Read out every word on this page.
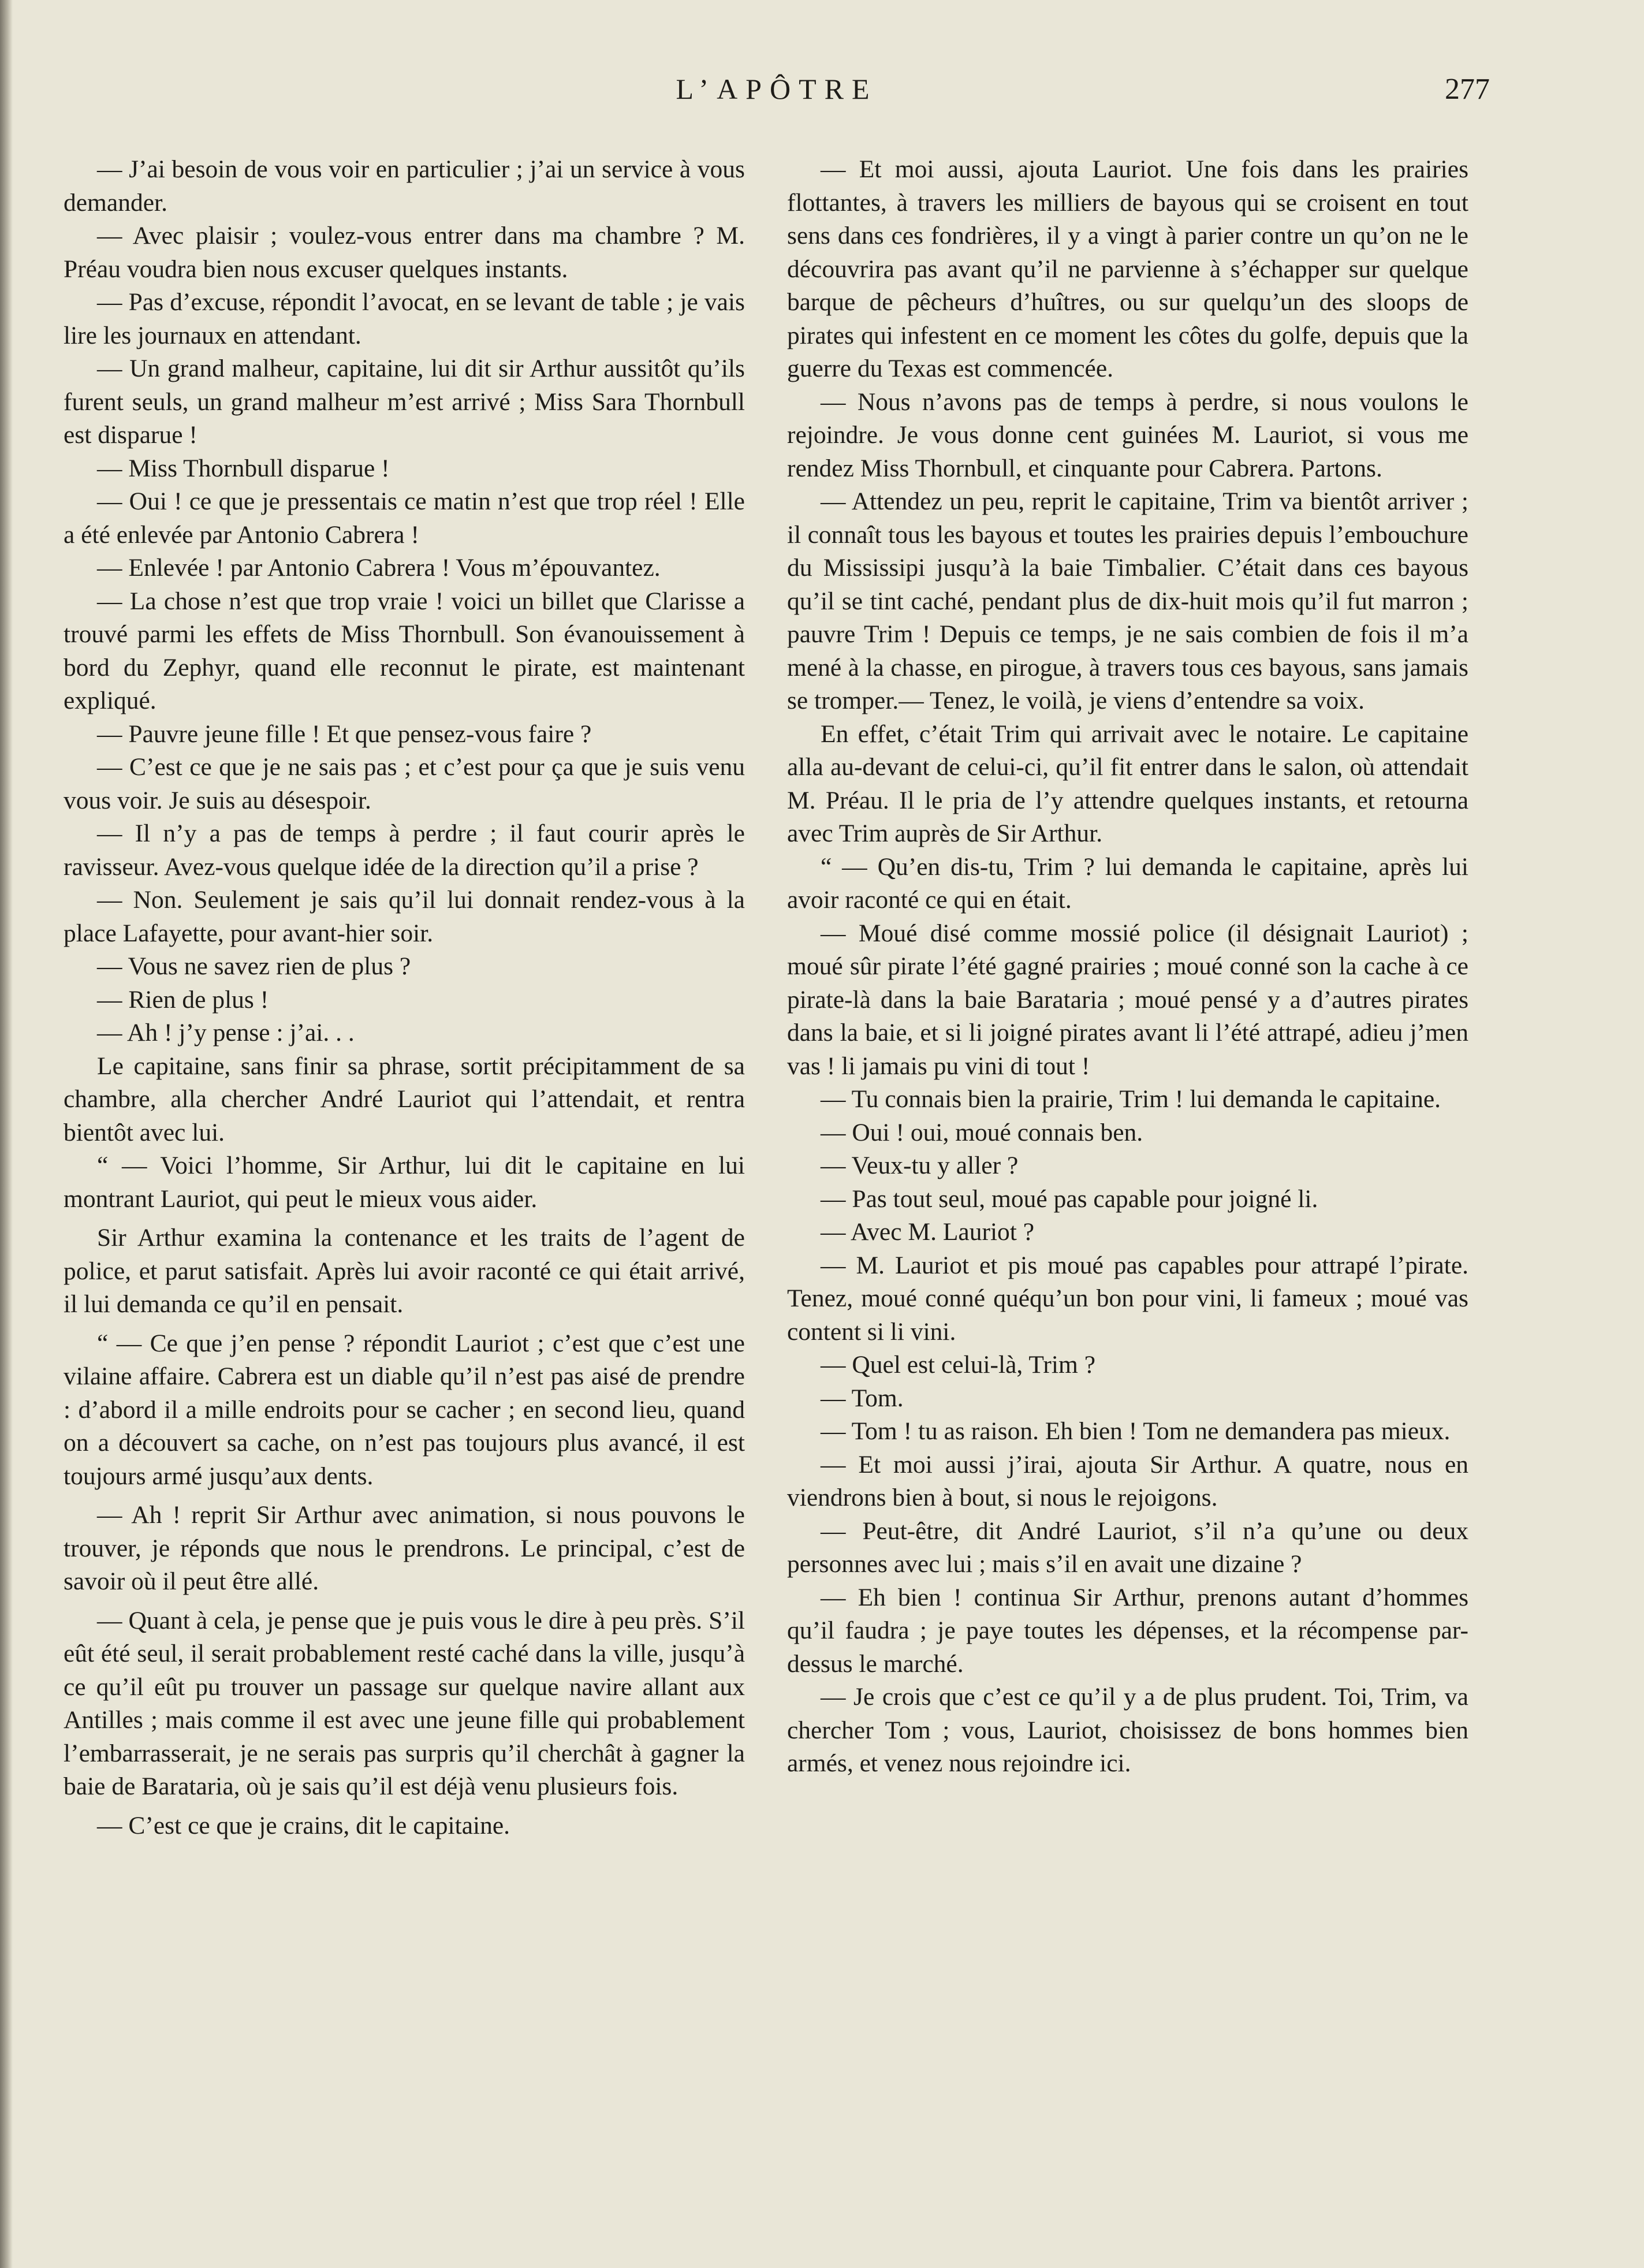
L’APÔTRE	277

— J’ai besoin de vous voir en particulier ; j’ai un service à vous demander.

— Avec plaisir ; voulez-vous entrer dans ma chambre ? M. Préau voudra bien nous excuser quelques instants.

— Pas d’excuse, répondit l’avocat, en se levant de table ; je vais lire les journaux en attendant.

— Un grand malheur, capitaine, lui dit sir Arthur aussitôt qu’ils furent seuls, un grand malheur m’est arrivé ; Miss Sara Thornbull est disparue !

— Miss Thornbull disparue !

— Oui ! ce que je pressentais ce matin n’est que trop réel ! Elle a été enlevée par Antonio Cabrera !

— Enlevée ! par Antonio Cabrera ! Vous m’épouvantez.

— La chose n’est que trop vraie ! voici un billet que Clarisse a trouvé parmi les effets de Miss Thornbull. Son évanouissement à bord du Zephyr, quand elle reconnut le pirate, est maintenant expliqué.

— Pauvre jeune fille ! Et que pensez-vous faire ?

— C’est ce que je ne sais pas ; et c’est pour ça que je suis venu vous voir. Je suis au désespoir.

— Il n’y a pas de temps à perdre ; il faut courir après le ravisseur. Avez-vous quelque idée de la direction qu’il a prise ?

— Non. Seulement je sais qu’il lui donnait rendez-vous à la place Lafayette, pour avant-hier soir.

— Vous ne savez rien de plus ?

— Rien de plus !

— Ah ! j’y pense : j’ai. . .

Le capitaine, sans finir sa phrase, sortit précipitamment de sa chambre, alla chercher André Lauriot qui l’attendait, et rentra bientôt avec lui.

“ — Voici l’homme, Sir Arthur, lui dit le capitaine en lui montrant Lauriot, qui peut le mieux vous aider.

Sir Arthur examina la contenance et les traits de l’agent de police, et parut satisfait. Après lui avoir raconté ce qui était arrivé, il lui demanda ce qu’il en pensait.

“ — Ce que j’en pense ? répondit Lauriot ; c’est que c’est une vilaine affaire. Cabrera est un diable qu’il n’est pas aisé de prendre : d’abord il a mille endroits pour se cacher ; en second lieu, quand on a découvert sa cache, on n’est pas toujours plus avancé, il est toujours armé jusqu’aux dents.

— Ah ! reprit Sir Arthur avec animation, si nous pouvons le trouver, je réponds que nous le prendrons. Le principal, c’est de savoir où il peut être allé.

— Quant à cela, je pense que je puis vous le dire à peu près. S’il eût été seul, il serait probablement resté caché dans la ville, jusqu’à ce qu’il eût pu trouver un passage sur quelque navire allant aux Antilles ; mais comme il est avec une jeune fille qui probablement l’embarrasserait, je ne serais pas surpris qu’il cherchât à gagner la baie de Barataria, où je sais qu’il est déjà venu plusieurs fois.

— C’est ce que je crains, dit le capitaine.

— Et moi aussi, ajouta Lauriot. Une fois dans les prairies flottantes, à travers les milliers de bayous qui se croisent en tout sens dans ces fondrières, il y a vingt à parier contre un qu’on ne le découvrira pas avant qu’il ne parvienne à s’échapper sur quelque barque de pêcheurs d’huîtres, ou sur quelqu’un des sloops de pirates qui infestent en ce moment les côtes du golfe, depuis que la guerre du Texas est commencée.

— Nous n’avons pas de temps à perdre, si nous voulons le rejoindre. Je vous donne cent guinées M. Lauriot, si vous me rendez Miss Thornbull, et cinquante pour Cabrera. Partons.

— Attendez un peu, reprit le capitaine, Trim va bientôt arriver ; il connaît tous les bayous et toutes les prairies depuis l’embouchure du Mississipi jusqu’à la baie Timbalier. C’était dans ces bayous qu’il se tint caché, pendant plus de dix-huit mois qu’il fut marron ; pauvre Trim ! Depuis ce temps, je ne sais combien de fois il m’a mené à la chasse, en pirogue, à travers tous ces bayous, sans jamais se tromper.— Tenez, le voilà, je viens d’entendre sa voix.

En effet, c’était Trim qui arrivait avec le notaire. Le capitaine alla au-devant de celui-ci, qu’il fit entrer dans le salon, où attendait M. Préau. Il le pria de l’y attendre quelques instants, et retourna avec Trim auprès de Sir Arthur.

“ — Qu’en dis-tu, Trim ? lui demanda le capitaine, après lui avoir raconté ce qui en était.

— Moué disé comme mossié police (il désignait Lauriot) ; moué sûr pirate l’été gagné prairies ; moué conné son la cache à ce pirate-là dans la baie Barataria ; moué pensé y a d’autres pirates dans la baie, et si li joigné pirates avant li l’été attrapé, adieu j’men vas ! li jamais pu vini di tout !

— Tu connais bien la prairie, Trim ! lui demanda le capitaine.

— Oui ! oui, moué connais ben.

— Veux-tu y aller ?

— Pas tout seul, moué pas capable pour joigné li.

— Avec M. Lauriot ?

— M. Lauriot et pis moué pas capables pour attrapé l’pirate. Tenez, moué conné quéqu’un bon pour vini, li fameux ; moué vas content si li vini.

— Quel est celui-là, Trim ?

— Tom.

— Tom ! tu as raison. Eh bien ! Tom ne demandera pas mieux.

— Et moi aussi j’irai, ajouta Sir Arthur. A quatre, nous en viendrons bien à bout, si nous le rejoigons.

— Peut-être, dit André Lauriot, s’il n’a qu’une ou deux personnes avec lui ; mais s’il en avait une dizaine ?

— Eh bien ! continua Sir Arthur, prenons autant d’hommes qu’il faudra ; je paye toutes les dépenses, et la récompense par-dessus le marché.

— Je crois que c’est ce qu’il y a de plus prudent. Toi, Trim, va chercher Tom ; vous, Lauriot, choisissez de bons hommes bien armés, et venez nous rejoindre ici.
